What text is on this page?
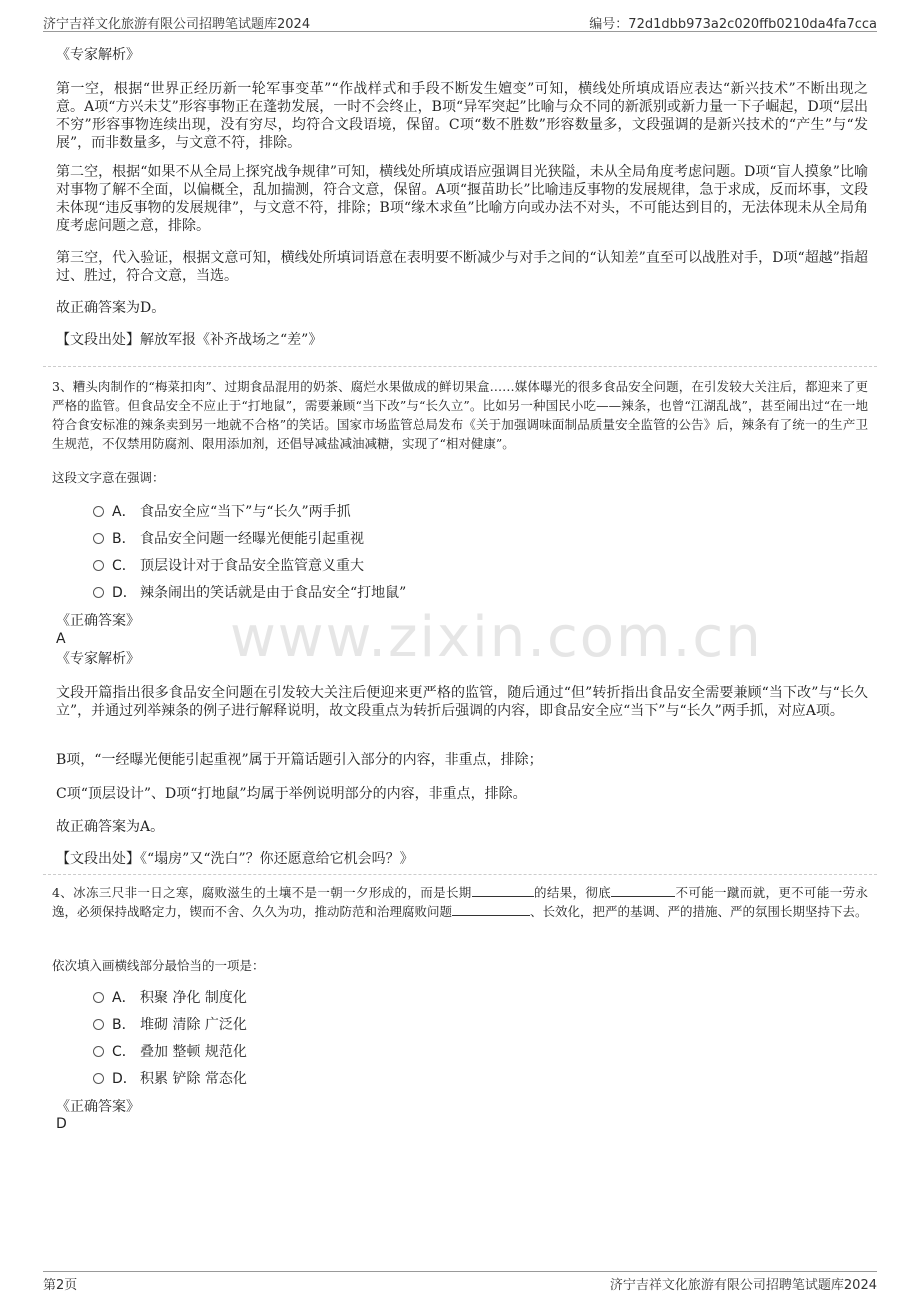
济宁吉祥文化旅游有限公司招聘笔试题库2024	编号：72d1dbb973a2c020ffb0210da4fa7cca
www.zixin.com.cn
《专家解析》
第一空，根据“世界正经历新一轮军事变革”“作战样式和手段不断发生嬗变”可知，横线处所填成语应表达“新兴技术”不断出现之意。A项“方兴未艾”形容事物正在蓬勃发展，一时不会终止，B项“异军突起”比喻与众不同的新派别或新力量一下子崛起，D项“层出不穷”形容事物连续出现，没有穷尽，均符合文段语境，保留。C项“数不胜数”形容数量多，文段强调的是新兴技术的“产生”与“发展”，而非数量多，与文意不符，排除。
第二空，根据“如果不从全局上探究战争规律”可知，横线处所填成语应强调目光狭隘，未从全局角度考虑问题。D项“盲人摸象”比喻对事物了解不全面，以偏概全，乱加揣测，符合文意，保留。A项“揠苗助长”比喻违反事物的发展规律，急于求成，反而坏事，文段未体现“违反事物的发展规律”，与文意不符，排除；B项“缘木求鱼”比喻方向或办法不对头，不可能达到目的，无法体现未从全局角度考虑问题之意，排除。
第三空，代入验证，根据文意可知，横线处所填词语意在表明要不断减少与对手之间的“认知差”直至可以战胜对手，D项“超越”指超过、胜过，符合文意，当选。
故正确答案为D。
【文段出处】解放军报《补齐战场之“差”》
3、糟头肉制作的“梅菜扣肉”、过期食品混用的奶茶、腐烂水果做成的鲜切果盒……媒体曝光的很多食品安全问题，在引发较大关注后，都迎来了更严格的监管。但食品安全不应止于“打地鼠”，需要兼顾“当下改”与“长久立”。比如另一种国民小吃——辣条，也曾“江湖乱战”，甚至闹出过“在一地符合食安标准的辣条卖到另一地就不合格”的笑话。国家市场监管总局发布《关于加强调味面制品质量安全监管的公告》后，辣条有了统一的生产卫生规范，不仅禁用防腐剂、限用添加剂，还倡导减盐减油减糖，实现了“相对健康”。
这段文字意在强调：
A． 食品安全应“当下”与“长久”两手抓
B． 食品安全问题一经曝光便能引起重视
C． 顶层设计对于食品安全监管意义重大
D． 辣条闹出的笑话就是由于食品安全“打地鼠”
《正确答案》
A
《专家解析》
文段开篇指出很多食品安全问题在引发较大关注后便迎来更严格的监管，随后通过“但”转折指出食品安全需要兼顾“当下改”与“长久立”，并通过列举辣条的例子进行解释说明，故文段重点为转折后强调的内容，即食品安全应“当下”与“长久”两手抓，对应A项。
B项，“一经曝光便能引起重视”属于开篇话题引入部分的内容，非重点，排除；
C项“顶层设计”、D项“打地鼠”均属于举例说明部分的内容，非重点，排除。
故正确答案为A。
【文段出处】《“塌房”又“洗白”？你还愿意给它机会吗？》
4、冰冻三尺非一日之寒，腐败滋生的土壤不是一朝一夕形成的，而是长期	的结果，彻底	不可能一蹴而就，更不可能一劳永逸，必须保持战略定力，锲而不舍、久久为功，推动防范和治理腐败问题	、长效化，把严的基调、严的措施、严的氛围长期坚持下去。
依次填入画横线部分最恰当的一项是：
A． 积聚 净化 制度化
B． 堆砌 清除 广泛化
C． 叠加 整顿 规范化
D． 积累 铲除 常态化
《正确答案》
D
第2页	济宁吉祥文化旅游有限公司招聘笔试题库2024
